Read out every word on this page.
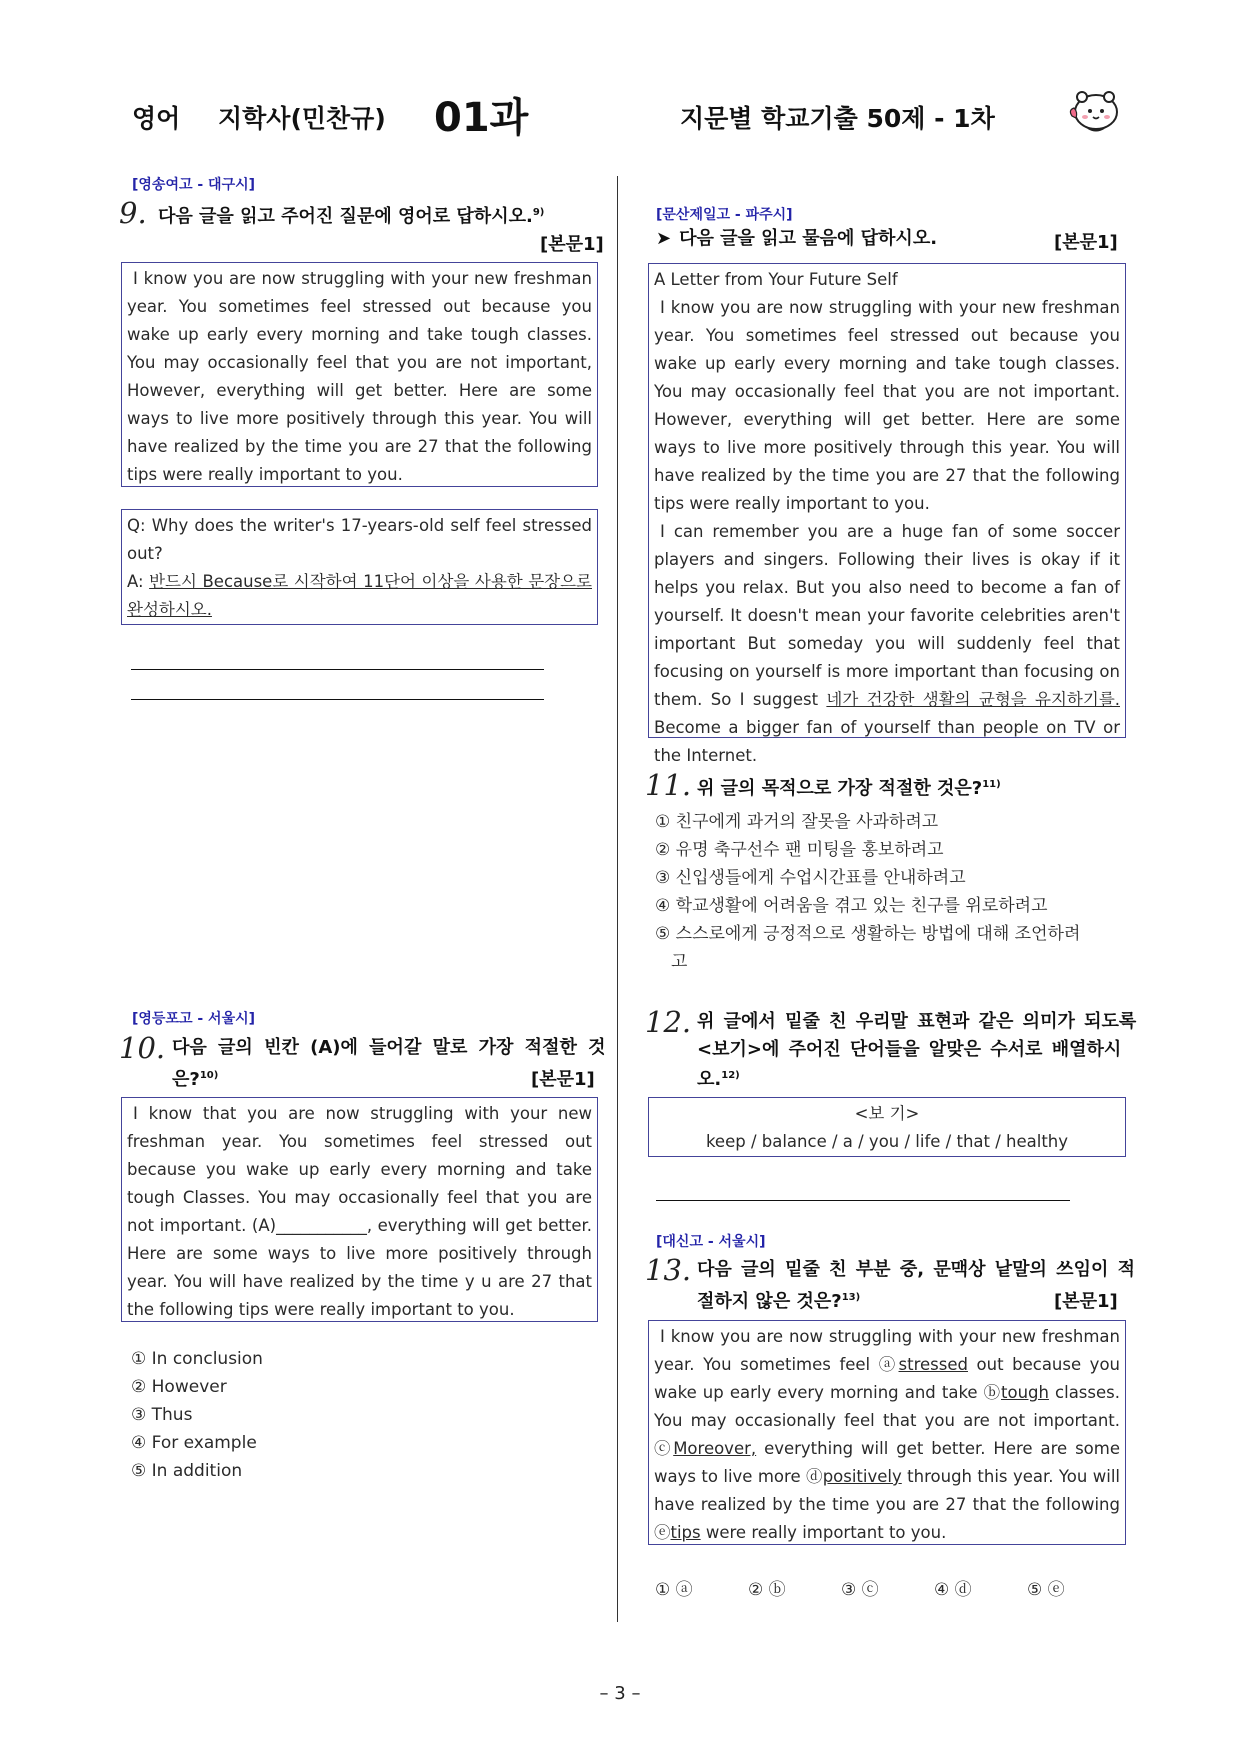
영어 지학사(민찬규) 01과	지문별 학교기출 50제 - 1차
[영송여고 - 대구시]
9. 다음 글을 읽고 주어진 질문에 영어로 답하시오.$^{9)}$
[본문1]

I know you are now struggling with your new freshman year. You sometimes feel stressed out because you wake up early every morning and take tough classes. You may occasionally feel that you are not important, However, everything will get better. Here are some ways to live more positively through this year. You will have realized by the time you are 27 that the following tips were really important to you.

Q: Why does the writer's 17-years-old self feel stressed out?

A: 반드시 Because로 시작하여 11단어 이상을 사용한 문장으로 완성하시오.

[영등포고 - 서울시]
10. 다음 글의 빈칸 (A)에 들어갈 말로 가장 적절한 것
은?$^{10)}$	[본문1]

I know that you are now struggling with your new freshman year. You sometimes feel stressed out because you wake up early every morning and take tough Classes. You may occasionally feel that you are not important. (A)___________, everything will get better. Here are some ways to live more positively through year. You will have realized by the time y u are 27 that the following tips were really important to you.

① In conclusion
② However
③ Thus
④ For example
⑤ In addition
[문산제일고 - 파주시]
➤ 다음 글을 읽고 물음에 답하시오.	[본문1]

A Letter from Your Future Self

I know you are now struggling with your new freshman year. You sometimes feel stressed out because you wake up early every morning and take tough classes. You may occasionally feel that you are not important. However, everything will get better. Here are some ways to live more positively through this year. You will have realized by the time you are 27 that the following tips were really important to you.

I can remember you are a huge fan of some soccer players and singers. Following their lives is okay if it helps you relax. But you also need to become a fan of yourself. It doesn't mean your favorite celebrities aren't important But someday you will suddenly feel that focusing on yourself is more important than focusing on them. So I suggest 네가 건강한 생활의 균형을 유지하기를. Become a bigger fan of yourself than people on TV or the Internet.

11. 위 글의 목적으로 가장 적절한 것은?$^{11)}$
① 친구에게 과거의 잘못을 사과하려고
② 유명 축구선수 팬 미팅을 홍보하려고
③ 신입생들에게 수업시간표를 안내하려고
④ 학교생활에 어려움을 겪고 있는 친구를 위로하려고
⑤ 스스로에게 긍정적으로 생활하는 방법에 대해 조언하려
고
12. 위 글에서 밑줄 친 우리말 표현과 같은 의미가 되도록
<보기>에 주어진 단어들을 알맞은 수서로 배열하시
오.$^{12)}$

<보 기>

keep / balance / a / you / life / that / healthy

[대신고 - 서울시]
13. 다음 글의 밑줄 친 부분 중, 문맥상 낱말의 쓰임이 적
절하지 않은 것은?$^{13)}$	[본문1]

I know you are now struggling with your new freshman year. You sometimes feel ⓐstressed out because you wake up early every morning and take ⓑtough classes. You may occasionally feel that you are not important. ⓒMoreover, everything will get better. Here are some ways to live more ⓓpositively through this year. You will have realized by the time you are 27 that the following ⓔtips were really important to you.

① ⓐ	② ⓑ	③ ⓒ	④ ⓓ	⑤ ⓔ
– 3 –
